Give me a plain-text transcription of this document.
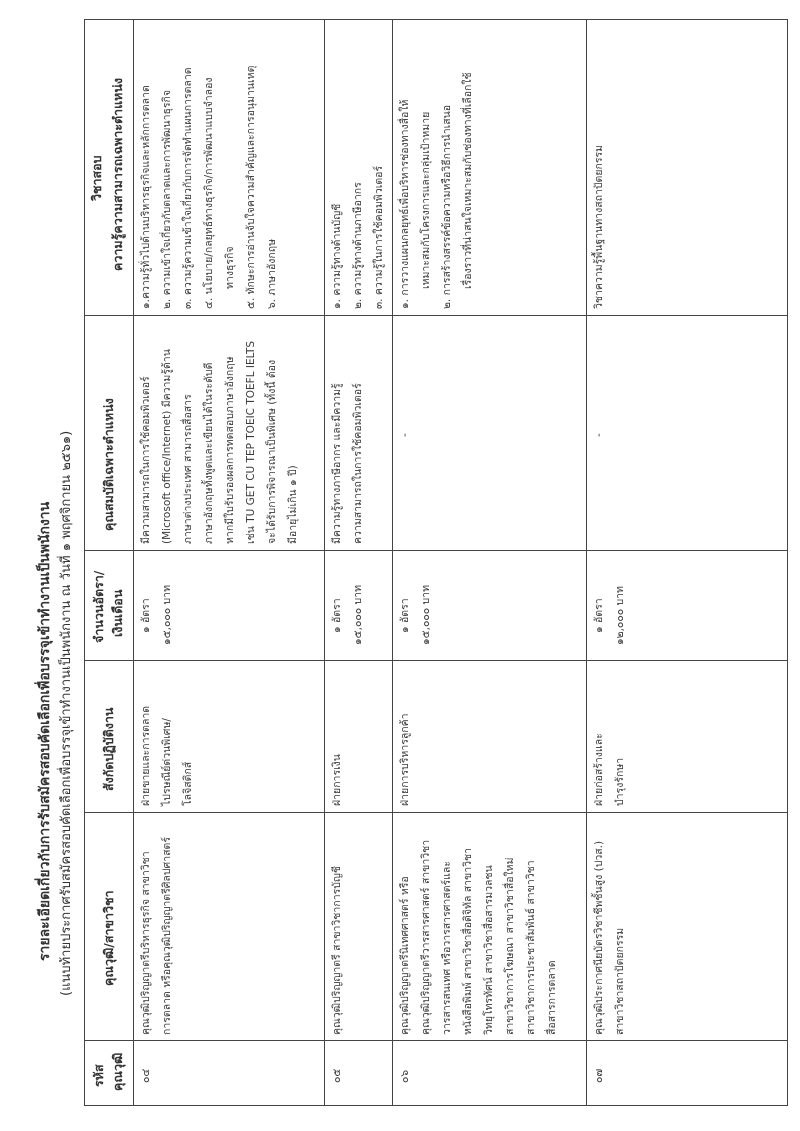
รายละเอียดเกี่ยวกับการรับสมัครสอบคัดเลือกเพื่อบรรจุเข้าทำงานเป็นพนักงาน (แนบท้ายประกาศรับสมัครสอบคัดเลือกเพื่อบรรจุเข้าทำงานเป็นพนักงาน ณ วันที่ ๑ พฤศจิกายน ๒๕๖๑)
รหัส คุณวุฒิ
คุณวุฒิ/สาขาวิชา
สังกัดปฏิบัติงาน
จำนวนอัตรา/ เงินเดือน
คุณสมบัติเฉพาะตำแหน่ง
วิชาสอบ ความรู้ความสามารถเฉพาะตำแหน่ง
๐๔
คุณวุฒิปริญญาตรีบริหารธุรกิจ สาขาวิชา การตลาด หรือคุณวุฒิปริญญาตรีศิลปศาสตร์
ฝ่ายขายและการตลาด ไปรษณีย์ด่วนพิเศษ/ โลจิสติกส์
๑ อัตรา ๑๕,๐๐๐ บาท
มีความสามารถในการใช้คอมพิวเตอร์ (Microsoft office/Internet) มีความรู้ด้าน ภาษาต่างประเทศ สามารถสื่อสาร ภาษาอังกฤษทั้งพูดและเขียนได้ในระดับดี หากมีใบรับรองผลการทดสอบภาษาอังกฤษ เช่น TU GET CU TEP TOEIC TOEFL IELTS จะได้รับการพิจารณาเป็นพิเศษ (ทั้งนี้ ต้อง มีอายุไม่เกิน ๑ ปี)
๑.ความรู้ทั่วไปด้านบริหารธุรกิจและหลักการตลาด ๒. ความเข้าใจเกี่ยวกับตลาดและการพัฒนาธุรกิจ ๓. ความรู้ความเข้าใจเกี่ยวกับการจัดทำแผนการตลาด ๔. นโยบาย/กลยุทธ์ทางธุรกิจ/การพัฒนาแบบจำลอง ทางธุรกิจ ๕. ทักษะการอ่านจับใจความสำคัญและการอนุมานเหตุ ๖. ภาษาอังกฤษ
๐๕
คุณวุฒิปริญญาตรี สาขาวิชาการบัญชี
ฝ่ายการเงิน
๑ อัตรา ๑๕,๐๐๐ บาท
มีความรู้ทางภาษีอากร และมีความรู้ ความสามารถในการใช้คอมพิวเตอร์
๑. ความรู้ทางด้านบัญชี ๒. ความรู้ทางด้านภาษีอากร ๓. ความรู้ในการใช้คอมพิวเตอร์
๐๖
คุณวุฒิปริญญาตรีนิเทศศาสตร์ หรือ คุณวุฒิปริญญาตรีวารสารศาสตร์ สาขาวิชา วารสารสนเทศ หรือวารสารศาสตร์และ หนังสือพิมพ์ สาขาวิชาสื่อดิจิทัล สาขาวิชา วิทยุโทรทัศน์ สาขาวิชาสื่อสารมวลชน สาขาวิชาการโฆษณา สาขาวิชาสื่อใหม่ สาขาวิชาการประชาสัมพันธ์ สาขาวิชา สื่อสารการตลาด
ฝ่ายการบริหารลูกค้า
๑ อัตรา ๑๕,๐๐๐ บาท
-
๑. การวางแผนกลยุทธ์เพื่อบริหารช่องทางสื่อให้ เหมาะสมกับโครงการและกลุ่มเป้าหมาย ๒. การสร้างสรรค์ข้อความหรือวิธีการนำเสนอ เรื่องราวที่น่าสนใจเหมาะสมกับช่องทางที่เลือกใช้
๐๗
คุณวุฒิประกาศนียบัตรวิชาชีพชั้นสูง (ปวส.) สาขาวิชาสถาปัตยกรรม
ฝ่ายก่อสร้างและ บำรุงรักษา
๑ อัตรา ๑๒,๐๐๐ บาท
-
วิชาความรู้พื้นฐานทางสถาปัตยกรรม
